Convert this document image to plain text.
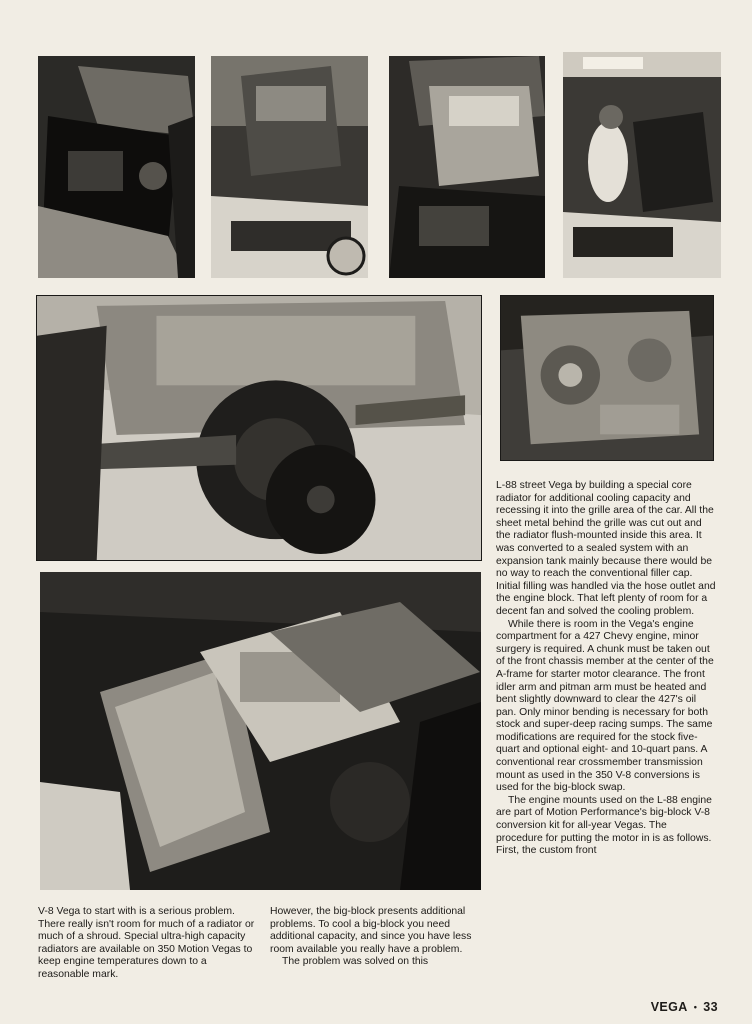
V-8 Vega to start with is a serious problem. There really isn't room for much of a radiator or much of a shroud. Special ultra-high capacity radiators are available on 350 Motion Vegas to keep engine temperatures down to a reasonable mark.

However, the big-block presents additional problems. To cool a big-block you need additional capacity, and since you have less room available you really have a problem.

The problem was solved on this

L-88 street Vega by building a special core radiator for additional cooling capacity and recessing it into the grille area of the car. All the sheet metal behind the grille was cut out and the radiator flush-mounted inside this area. It was converted to a sealed system with an expansion tank mainly because there would be no way to reach the conventional filler cap. Initial filling was handled via the hose outlet and the engine block. That left plenty of room for a decent fan and solved the cooling problem.

While there is room in the Vega's engine compartment for a 427 Chevy engine, minor surgery is required. A chunk must be taken out of the front chassis member at the center of the A-frame for starter motor clearance. The front idler arm and pitman arm must be heated and bent slightly downward to clear the 427's oil pan. Only minor bending is necessary for both stock and super-deep racing sumps. The same modifications are required for the stock five-quart and optional eight- and 10-quart pans. A conventional rear crossmember transmission mount as used in the 350 V-8 conversions is used for the big-block swap.

The engine mounts used on the L-88 engine are part of Motion Performance's big-block V-8 conversion kit for all-year Vegas. The procedure for putting the motor in is as follows. First, the custom front

VEGA • 33
